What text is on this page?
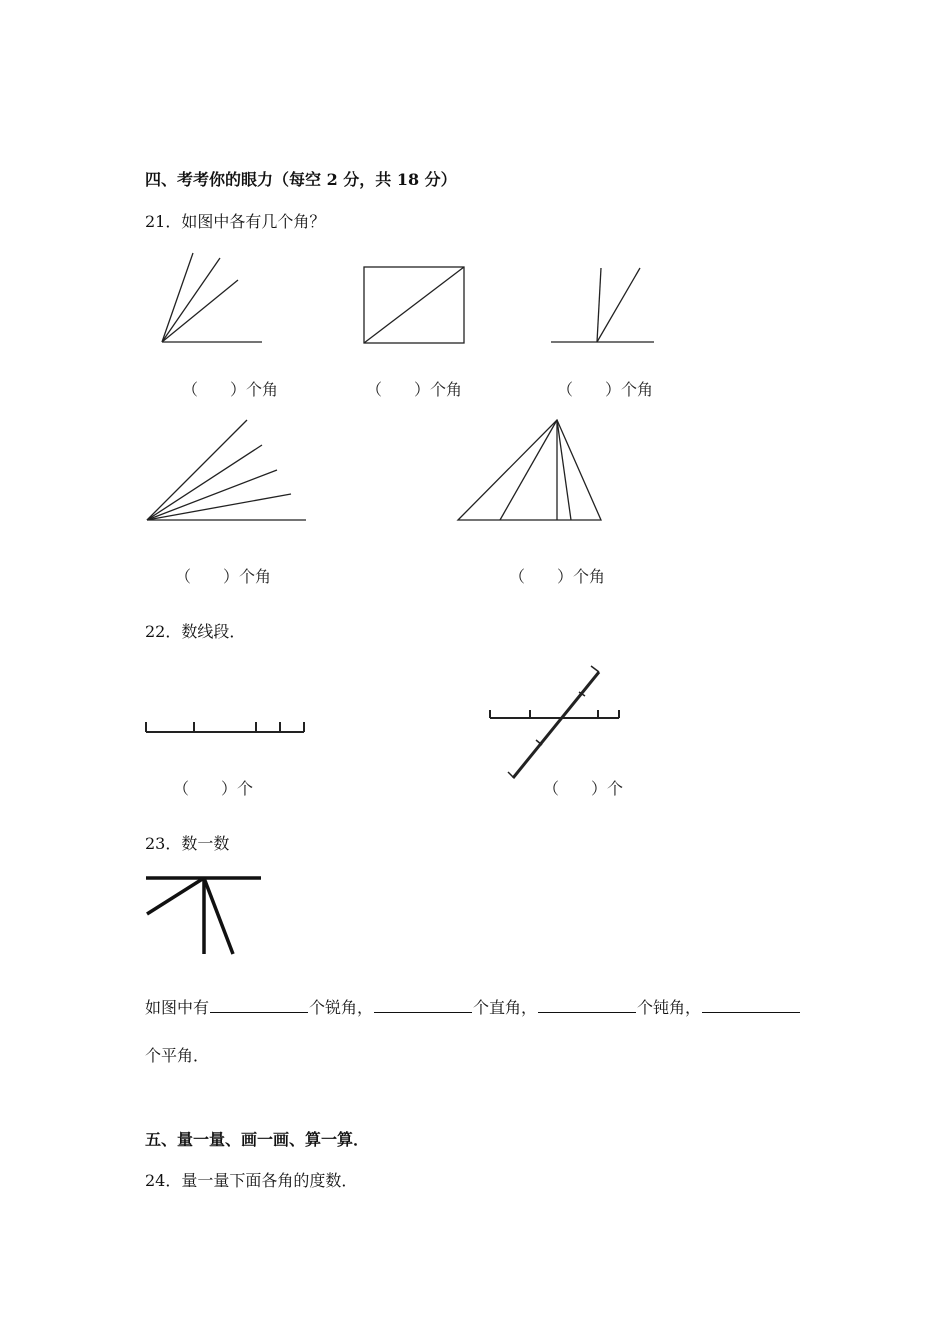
四、考考你的眼力（每空 2 分，共 18 分）
21．如图中各有几个角？
（　　）个角	（　　）个角	（　　）个角
（　　）个角	（　　）个角
22．数线段．
（　　）个	（　　）个
23．数一数
如图中有	个锐角，	个直角，	个钝角，
个平角．
五、量一量、画一画、算一算．
24．量一量下面各角的度数．
